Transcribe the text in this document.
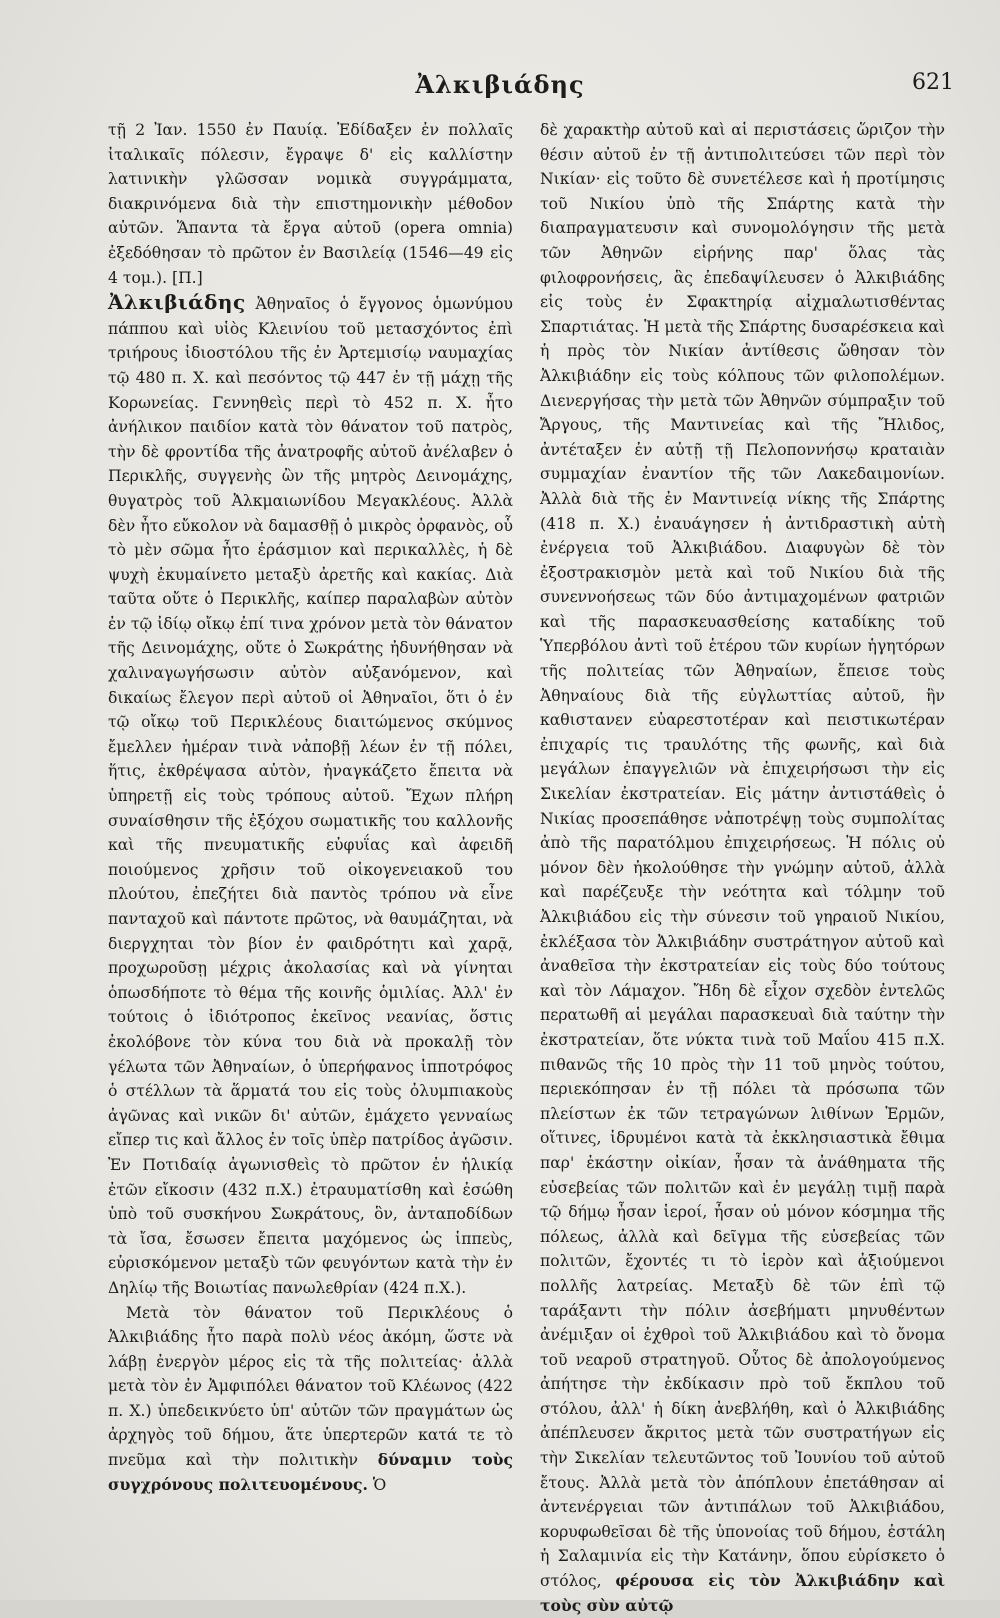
Ἀλκιβιάδης	621

τῇ 2 Ἰαν. 1550 ἐν Παυίᾳ. Ἐδίδαξεν ἐν πολλαῖς ἰταλικαῖς πόλεσιν, ἔγραψε δ' εἰς καλλίστην λατινικὴν γλῶσσαν νομικὰ συγγράμματα, διακρινόμενα διὰ τὴν επιστημονικὴν μέθοδον αὐτῶν. Ἅπαντα τὰ ἔργα αὐτοῦ (opera omnia) ἐξεδόθησαν τὸ πρῶτον ἐν Βασιλείᾳ (1546—49 εἰς 4 τομ.). [Π.]

Ἀλκιβιάδης Ἀθηναῖος ὁ ἔγγονος ὁμωνύμου πάππου καὶ υἱὸς Κλεινίου τοῦ μετασχόντος ἐπὶ τριήρους ἰδιοστόλου τῆς ἐν Ἀρτεμισίῳ ναυμαχίας τῷ 480 π. Χ. καὶ πεσόντος τῷ 447 ἐν τῇ μάχῃ τῆς Κορωνείας. Γεννηθεὶς περὶ τὸ 452 π. Χ. ἦτο ἀνήλικον παιδίον κατὰ τὸν θάνατον τοῦ πατρὸς, τὴν δὲ φροντίδα τῆς ἀνατροφῆς αὐτοῦ ἀνέλαβεν ὁ Περικλῆς, συγγενὴς ὢν τῆς μητρὸς Δεινομάχης, θυγατρὸς τοῦ Ἀλκμαιωνίδου Μεγακλέους. Ἀλλὰ δὲν ἦτο εὔκολον νὰ δαμασθῇ ὁ μικρὸς ὀρφανὸς, οὗ τὸ μὲν σῶμα ἦτο ἐράσμιον καὶ περικαλλὲς, ἡ δὲ ψυχὴ ἐκυμαίνετο μεταξὺ ἀρετῆς καὶ κακίας. Διὰ ταῦτα οὔτε ὁ Περικλῆς, καίπερ παραλαβὼν αὐτὸν ἐν τῷ ἰδίῳ οἴκῳ ἐπί τινα χρόνον μετὰ τὸν θάνατον τῆς Δεινομάχης, οὔτε ὁ Σωκράτης ἠδυνήθησαν νὰ χαλιναγωγήσωσιν αὐτὸν αὐξανόμενον, καὶ δικαίως ἔλεγον περὶ αὐτοῦ οἱ Ἀθηναῖοι, ὅτι ὁ ἐν τῷ οἴκῳ τοῦ Περικλέους διαιτώμενος σκύμνος ἔμελλεν ἡμέραν τινὰ νἀποβῇ λέων ἐν τῇ πόλει, ἥτις, ἐκθρέψασα αὐτὸν, ἠναγκάζετο ἔπειτα νὰ ὑπηρετῇ εἰς τοὺς τρόπους αὐτοῦ. Ἔχων πλήρη συναίσθησιν τῆς ἐξόχου σωματικῆς του καλλονῆς καὶ τῆς πνευματικῆς εὐφυΐας καὶ ἀφειδῆ ποιούμενος χρῆσιν τοῦ οἰκογενειακοῦ του πλούτου, ἐπεζήτει διὰ παντὸς τρόπου νὰ εἶνε πανταχοῦ καὶ πάντοτε πρῶτος, νὰ θαυμάζηται, νὰ διεργχηται τὸν βίον ἐν φαιδρότητι καὶ χαρᾷ, προχωροῦσῃ μέχρις ἀκολασίας καὶ νὰ γίνηται ὁπωσδήποτε τὸ θέμα τῆς κοινῆς ὁμιλίας. Ἀλλ' ἐν τούτοις ὁ ἰδιότροπος ἐκεῖνος νεανίας, ὅστις ἐκολόβονε τὸν κύνα του διὰ νὰ προκαλῇ τὸν γέλωτα τῶν Ἀθηναίων, ὁ ὑπερήφανος ἱπποτρόφος ὁ στέλλων τὰ ἅρματά του εἰς τοὺς ὀλυμπιακοὺς ἀγῶνας καὶ νικῶν δι' αὐτῶν, ἐμάχετο γενναίως εἴπερ τις καὶ ἄλλος ἐν τοῖς ὑπὲρ πατρίδος ἀγῶσιν. Ἐν Ποτιδαίᾳ ἀγωνισθεὶς τὸ πρῶτον ἐν ἡλικίᾳ ἐτῶν εἴκοσιν (432 π.Χ.) ἐτραυματίσθη καὶ ἐσώθη ὑπὸ τοῦ συσκήνου Σωκράτους, ὃν, ἀνταποδίδων τὰ ἴσα, ἔσωσεν ἔπειτα μαχόμενος ὡς ἱππεὺς, εὑρισκόμενον μεταξὺ τῶν φευγόντων κατὰ τὴν ἐν Δηλίῳ τῆς Βοιωτίας πανωλεθρίαν (424 π.Χ.).

Μετὰ τὸν θάνατον τοῦ Περικλέους ὁ Ἀλκιβιάδης ἦτο παρὰ πολὺ νέος ἀκόμη, ὥστε νὰ λάβῃ ἐνεργὸν μέρος εἰς τὰ τῆς πολιτείας· ἀλλὰ μετὰ τὸν ἐν Ἀμφιπόλει θάνατον τοῦ Κλέωνος (422 π. Χ.) ὑπεδεικνύετο ὑπ' αὐτῶν τῶν πραγμάτων ὡς ἀρχηγὸς τοῦ δήμου, ἅτε ὑπερτερῶν κατά τε τὸ πνεῦμα καὶ τὴν πολιτικὴν δύναμιν τοὺς συγχρόνους πολιτευομένους. Ὁ

δὲ χαρακτὴρ αὐτοῦ καὶ αἱ περιστάσεις ὥριζον τὴν θέσιν αὐτοῦ ἐν τῇ ἀντιπολιτεύσει τῶν περὶ τὸν Νικίαν· εἰς τοῦτο δὲ συνετέλεσε καὶ ἡ προτίμησις τοῦ Νικίου ὑπὸ τῆς Σπάρτης κατὰ τὴν διαπραγματευσιν καὶ συνομολόγησιν τῆς μετὰ τῶν Ἀθηνῶν εἰρήνης παρ' ὅλας τὰς φιλοφρονήσεις, ἃς ἐπεδαψίλευσεν ὁ Ἀλκιβιάδης εἰς τοὺς ἐν Σφακτηρίᾳ αἰχμαλωτισθέντας Σπαρτιάτας. Ἡ μετὰ τῆς Σπάρτης δυσαρέσκεια καὶ ἡ πρὸς τὸν Νικίαν ἀντίθεσις ὤθησαν τὸν Ἀλκιβιάδην εἰς τοὺς κόλπους τῶν φιλοπολέμων. Διενεργήσας τὴν μετὰ τῶν Ἀθηνῶν σύμπραξιν τοῦ Ἄργους, τῆς Μαντινείας καὶ τῆς Ἤλιδος, ἀντέταξεν ἐν αὐτῇ τῇ Πελοποννήσῳ κραταιὰν συμμαχίαν ἐναντίον τῆς τῶν Λακεδαιμονίων. Ἀλλὰ διὰ τῆς ἐν Μαντινείᾳ νίκης τῆς Σπάρτης (418 π. Χ.) ἐναυάγησεν ἡ ἀντιδραστικὴ αὐτὴ ἐνέργεια τοῦ Ἀλκιβιάδου. Διαφυγὼν δὲ τὸν ἐξοστρακισμὸν μετὰ καὶ τοῦ Νικίου διὰ τῆς συνεννοήσεως τῶν δύο ἀντιμαχομένων φατριῶν καὶ τῆς παρασκευασθείσης καταδίκης τοῦ Ὑπερβόλου ἀντὶ τοῦ ἑτέρου τῶν κυρίων ἡγητόρων τῆς πολιτείας τῶν Ἀθηναίων, ἔπεισε τοὺς Ἀθηναίους διὰ τῆς εὐγλωττίας αὐτοῦ, ἣν καθιστανεν εὐαρεστοτέραν καὶ πειστικωτέραν ἐπιχαρίς τις τραυλότης τῆς φωνῆς, καὶ διὰ μεγάλων ἐπαγγελιῶν νὰ ἐπιχειρήσωσι τὴν εἰς Σικελίαν ἐκστρατείαν. Εἰς μάτην ἀντιστάθεὶς ὁ Νικίας προσεπάθησε νἀποτρέψῃ τοὺς συμπολίτας ἀπὸ τῆς παρατόλμου ἐπιχειρήσεως. Ἡ πόλις οὐ μόνον δὲν ἠκολούθησε τὴν γνώμην αὐτοῦ, ἀλλὰ καὶ παρέζευξε τὴν νεότητα καὶ τόλμην τοῦ Ἀλκιβιάδου εἰς τὴν σύνεσιν τοῦ γηραιοῦ Νικίου, ἐκλέξασα τὸν Ἀλκιβιάδην συστράτηγον αὐτοῦ καὶ ἀναθεῖσα τὴν ἐκστρατείαν εἰς τοὺς δύο τούτους καὶ τὸν Λάμαχον. Ἤδη δὲ εἶχον σχεδὸν ἐντελῶς περατωθῆ αἱ μεγάλαι παρασκευαὶ διὰ ταύτην τὴν ἐκστρατείαν, ὅτε νύκτα τινὰ τοῦ Μαΐου 415 π.Χ. πιθανῶς τῆς 10 πρὸς τὴν 11 τοῦ μηνὸς τούτου, περιεκόπησαν ἐν τῇ πόλει τὰ πρόσωπα τῶν πλείστων ἐκ τῶν τετραγώνων λιθίνων Ἑρμῶν, οἵτινες, ἱδρυμένοι κατὰ τὰ ἐκκλησιαστικὰ ἔθιμα παρ' ἑκάστην οἰκίαν, ἦσαν τὰ ἀνάθηματα τῆς εὐσεβείας τῶν πολιτῶν καὶ ἐν μεγάλῃ τιμῇ παρὰ τῷ δήμῳ ἦσαν ἱεροί, ἦσαν οὐ μόνον κόσμημα τῆς πόλεως, ἀλλὰ καὶ δεῖγμα τῆς εὐσεβείας τῶν πολιτῶν, ἔχοντές τι τὸ ἱερὸν καὶ ἀξιούμενοι πολλῆς λατρείας. Μεταξὺ δὲ τῶν ἐπὶ τῷ ταράξαντι τὴν πόλιν ἀσεβήματι μηνυθέντων ἀνέμιξαν οἱ ἐχθροὶ τοῦ Ἀλκιβιάδου καὶ τὸ ὄνομα τοῦ νεαροῦ στρατηγοῦ. Οὗτος δὲ ἀπολογούμενος ἀπήτησε τὴν ἐκδίκασιν πρὸ τοῦ ἔκπλου τοῦ στόλου, ἀλλ' ἡ δίκη ἀνεβλήθη, καὶ ὁ Ἀλκιβιάδης ἀπέπλευσεν ἄκριτος μετὰ τῶν συστρατήγων εἰς τὴν Σικελίαν τελευτῶντος τοῦ Ἰουνίου τοῦ αὐτοῦ ἔτους. Ἀλλὰ μετὰ τὸν ἀπόπλουν ἐπετάθησαν αἱ ἀντενέργειαι τῶν ἀντιπάλων τοῦ Ἀλκιβιάδου, κορυφωθεῖσαι δὲ τῆς ὑπονοίας τοῦ δήμου, ἐστάλη ἡ Σαλαμινία εἰς τὴν Κατάνην, ὅπου εὑρίσκετο ὁ στόλος, φέρουσα εἰς τὸν Ἀλκιβιάδην καὶ τοὺς σὺν αὐτῷ
